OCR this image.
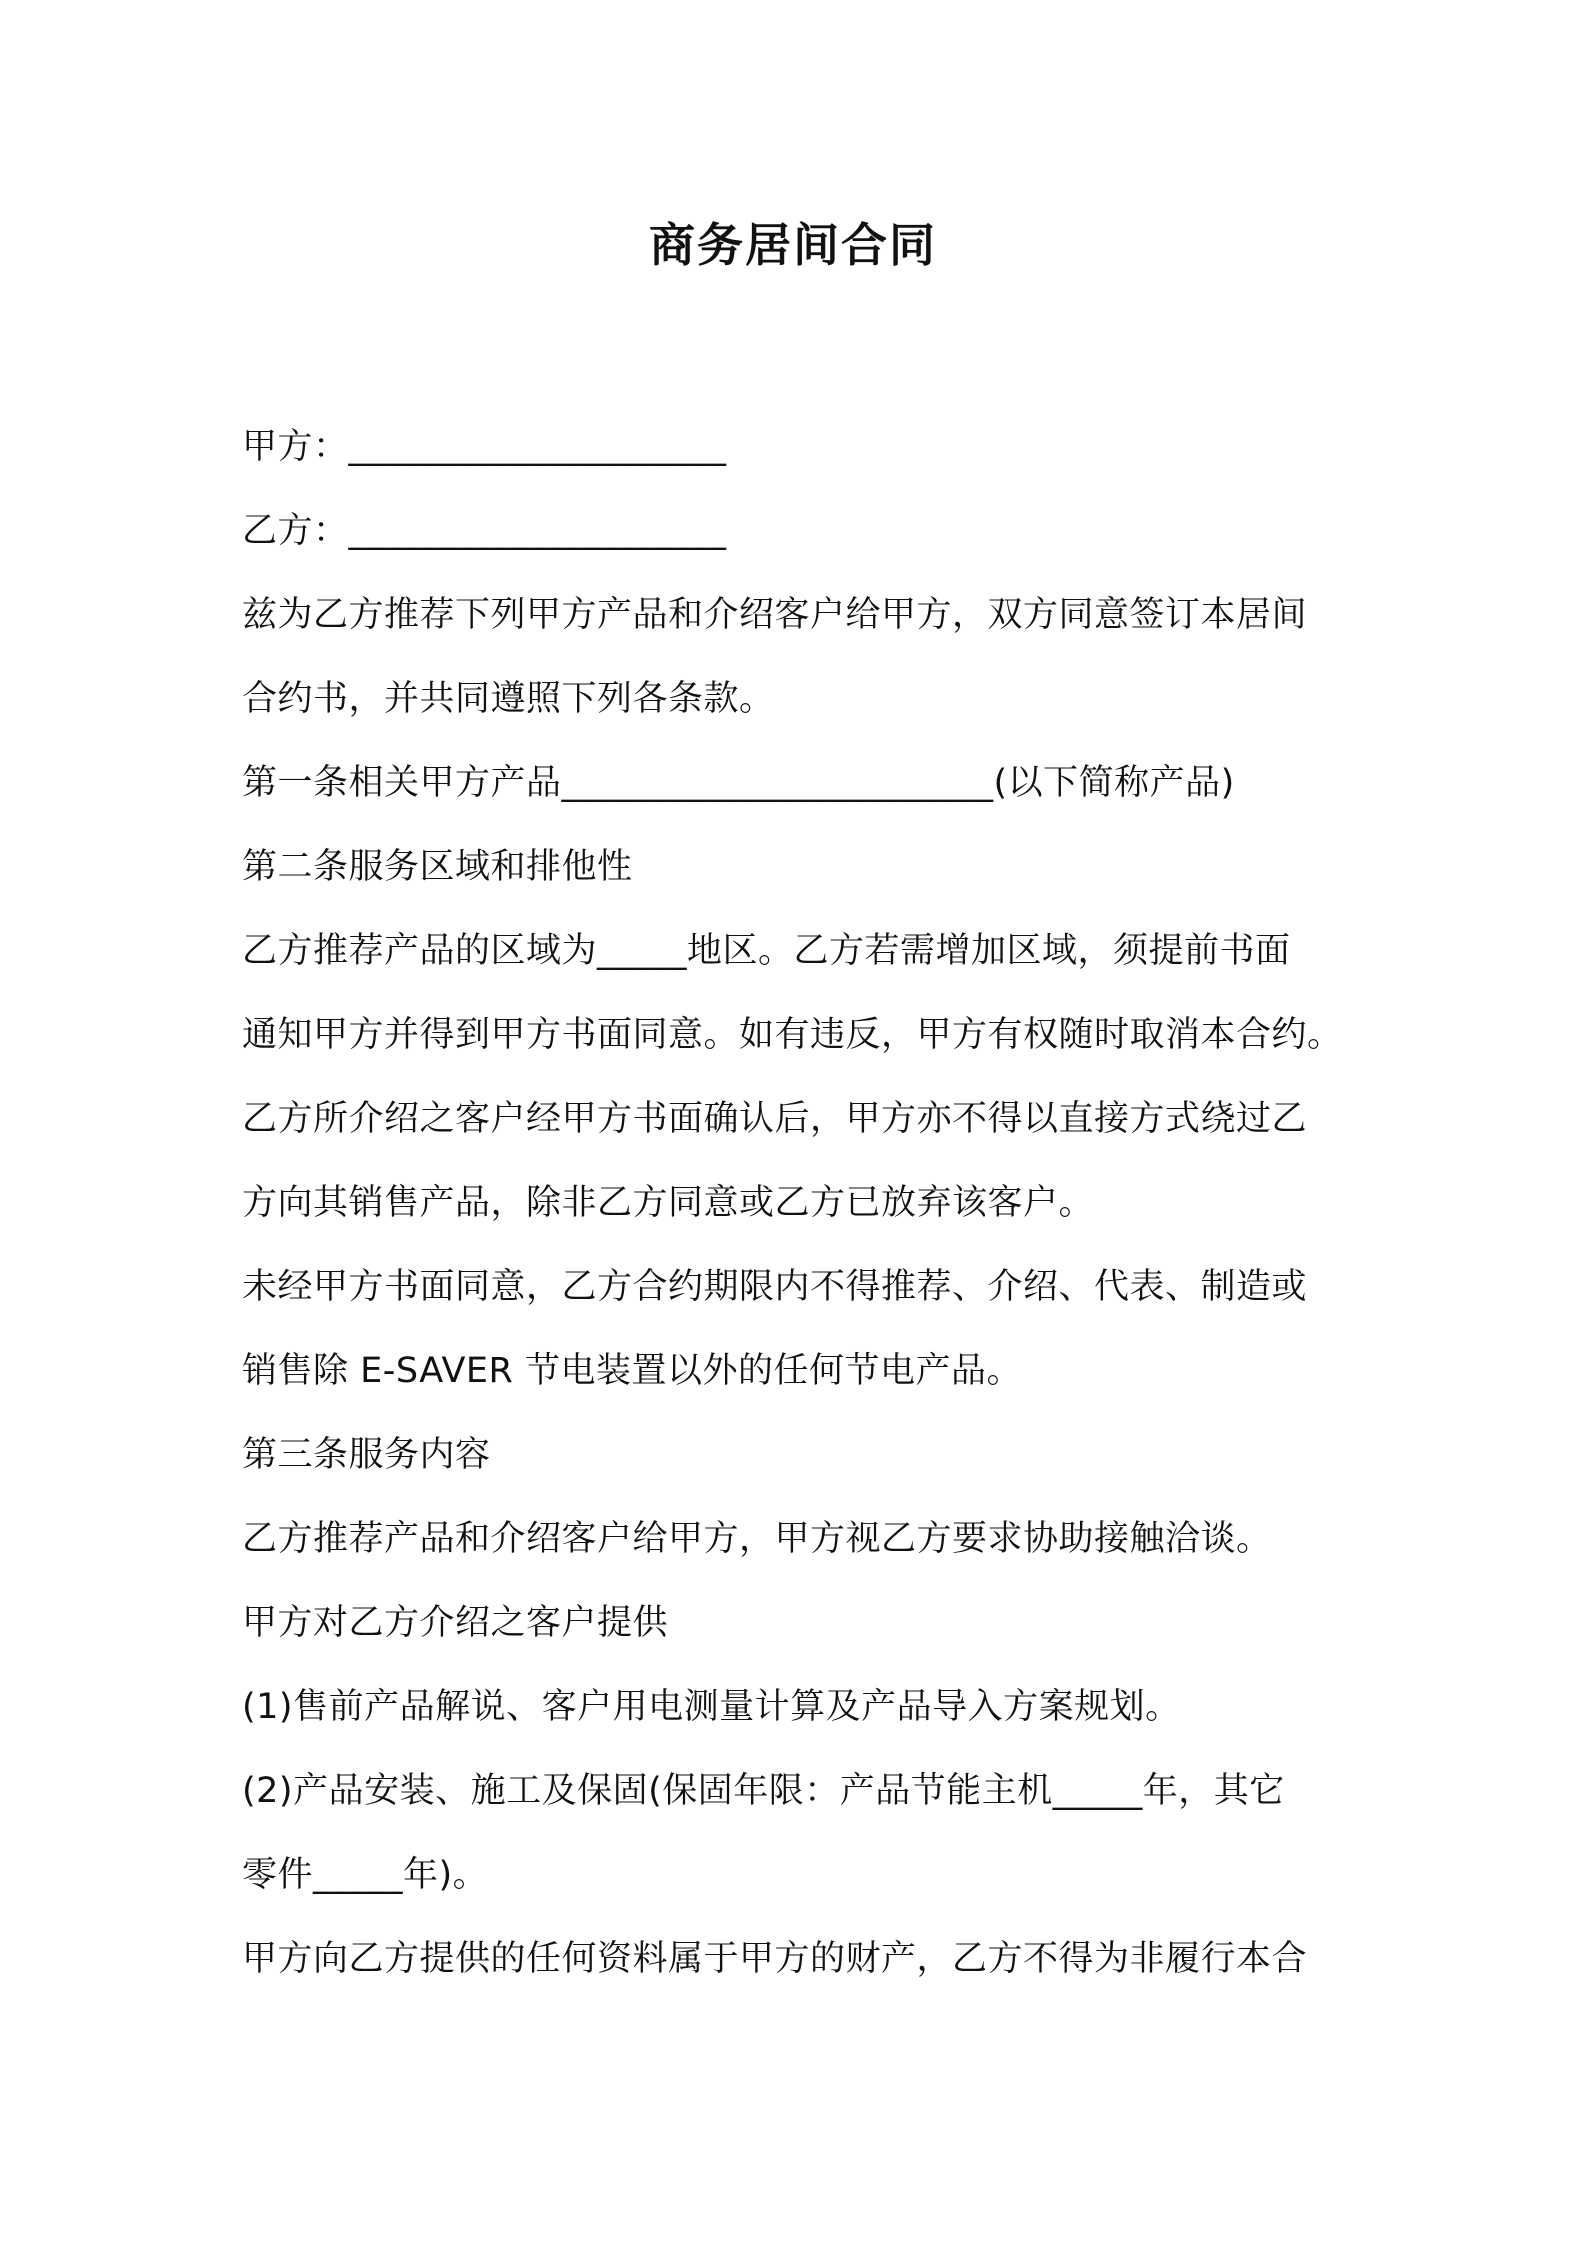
商务居间合同
甲方：_____________________
乙方：_____________________
兹为乙方推荐下列甲方产品和介绍客户给甲方，双方同意签订本居间
合约书，并共同遵照下列各条款。
第一条相关甲方产品________________________(以下简称产品)
第二条服务区域和排他性
乙方推荐产品的区域为_____地区。乙方若需增加区域，须提前书面
通知甲方并得到甲方书面同意。如有违反，甲方有权随时取消本合约。
乙方所介绍之客户经甲方书面确认后，甲方亦不得以直接方式绕过乙
方向其销售产品，除非乙方同意或乙方已放弃该客户。
未经甲方书面同意，乙方合约期限内不得推荐、介绍、代表、制造或
销售除 E-SAVER 节电装置以外的任何节电产品。
第三条服务内容
乙方推荐产品和介绍客户给甲方，甲方视乙方要求协助接触洽谈。
甲方对乙方介绍之客户提供
(1)售前产品解说、客户用电测量计算及产品导入方案规划。
(2)产品安装、施工及保固(保固年限：产品节能主机_____年，其它
零件_____年)。
甲方向乙方提供的任何资料属于甲方的财产，乙方不得为非履行本合
